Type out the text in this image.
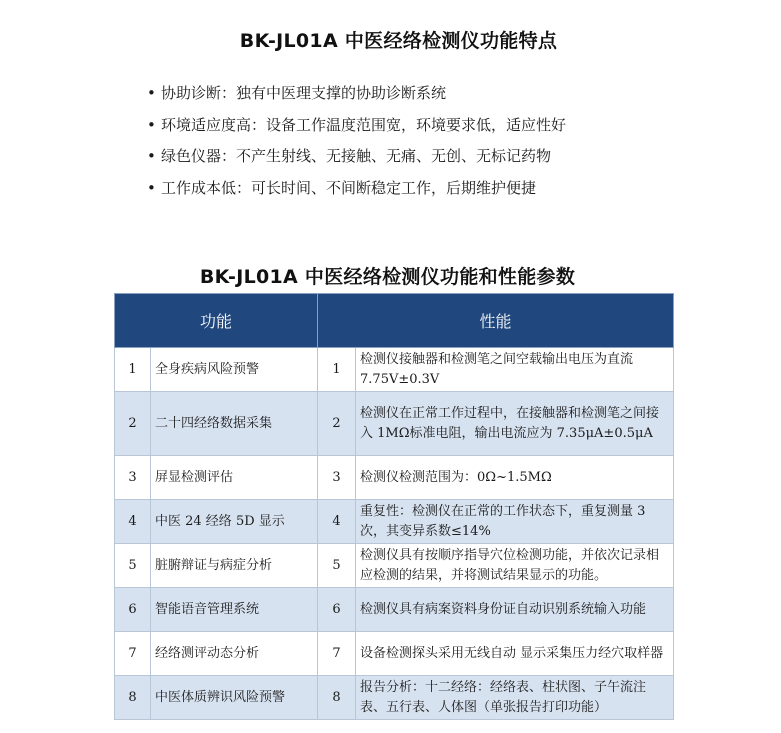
BK-JL01A 中医经络检测仪功能特点
• 协助诊断：独有中医理支撑的协助诊断系统
• 环境适应度高：设备工作温度范围宽，环境要求低，适应性好
• 绿色仪器：不产生射线、无接触、无痛、无创、无标记药物
• 工作成本低：可长时间、不间断稳定工作，后期维护便捷
BK-JL01A 中医经络检测仪功能和性能参数
功能		性能	
1	全身疾病风险预警	1	检测仪接触器和检测笔之间空载输出电压为直流 7.75V±0.3V
2	二十四经络数据采集	2	检测仪在正常工作过程中，在接触器和检测笔之间接入 1MΩ标准电阻，输出电流应为 7.35μA±0.5μA
3	屏显检测评估	3	检测仪检测范围为：0Ω~1.5MΩ
4	中医 24 经络 5D 显示	4	重复性：检测仪在正常的工作状态下，重复测量 3 次，其变异系数≤14%
5	脏腑辩证与病症分析	5	检测仪具有按顺序指导穴位检测功能，并依次记录相应检测的结果，并将测试结果显示的功能。
6	智能语音管理系统	6	检测仪具有病案资料身份证自动识别系统输入功能
7	经络测评动态分析	7	设备检测探头采用无线自动 显示采集压力经穴取样器
8	中医体质辨识风险预警	8	报告分析：十二经络：经络表、柱状图、子午流注表、五行表、人体图（单张报告打印功能）
